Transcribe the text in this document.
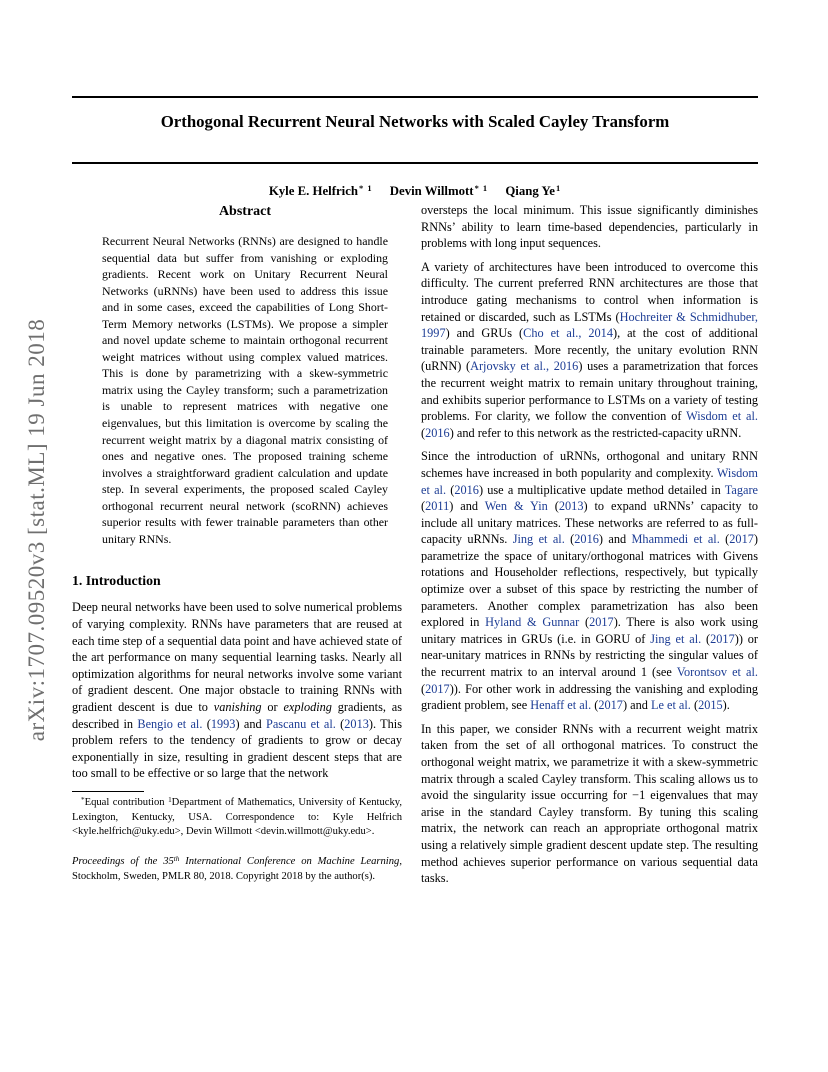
arXiv:1707.09520v3 [stat.ML] 19 Jun 2018
Orthogonal Recurrent Neural Networks with Scaled Cayley Transform
Kyle E. Helfrich$^{* 1}$ Devin Willmott$^{* 1}$ Qiang Ye$^1$
Abstract
Recurrent Neural Networks (RNNs) are designed to handle sequential data but suffer from vanishing or exploding gradients. Recent work on Unitary Recurrent Neural Networks (uRNNs) have been used to address this issue and in some cases, exceed the capabilities of Long Short-Term Memory networks (LSTMs). We propose a simpler and novel update scheme to maintain orthogonal recurrent weight matrices without using complex valued matrices. This is done by parametrizing with a skew-symmetric matrix using the Cayley transform; such a parametrization is unable to represent matrices with negative one eigenvalues, but this limitation is overcome by scaling the recurrent weight matrix by a diagonal matrix consisting of ones and negative ones. The proposed training scheme involves a straightforward gradient calculation and update step. In several experiments, the proposed scaled Cayley orthogonal recurrent neural network (scoRNN) achieves superior results with fewer trainable parameters than other unitary RNNs.
1. Introduction
Deep neural networks have been used to solve numerical problems of varying complexity. RNNs have parameters that are reused at each time step of a sequential data point and have achieved state of the art performance on many sequential learning tasks. Nearly all optimization algorithms for neural networks involve some variant of gradient descent. One major obstacle to training RNNs with gradient descent is due to vanishing or exploding gradients, as described in Bengio et al. (1993) and Pascanu et al. (2013). This problem refers to the tendency of gradients to grow or decay exponentially in size, resulting in gradient descent steps that are too small to be effective or so large that the network
*Equal contribution $^1$Department of Mathematics, University of Kentucky, Lexington, Kentucky, USA. Correspondence to: Kyle Helfrich <kyle.helfrich@uky.edu>, Devin Willmott <devin.willmott@uky.edu>.
Proceedings of the 35th International Conference on Machine Learning, Stockholm, Sweden, PMLR 80, 2018. Copyright 2018 by the author(s).
oversteps the local minimum. This issue significantly diminishes RNNs’ ability to learn time-based dependencies, particularly in problems with long input sequences.
A variety of architectures have been introduced to overcome this difficulty. The current preferred RNN architectures are those that introduce gating mechanisms to control when information is retained or discarded, such as LSTMs (Hochreiter & Schmidhuber, 1997) and GRUs (Cho et al., 2014), at the cost of additional trainable parameters. More recently, the unitary evolution RNN (uRNN) (Arjovsky et al., 2016) uses a parametrization that forces the recurrent weight matrix to remain unitary throughout training, and exhibits superior performance to LSTMs on a variety of testing problems. For clarity, we follow the convention of Wisdom et al. (2016) and refer to this network as the restricted-capacity uRNN.
Since the introduction of uRNNs, orthogonal and unitary RNN schemes have increased in both popularity and complexity. Wisdom et al. (2016) use a multiplicative update method detailed in Tagare (2011) and Wen & Yin (2013) to expand uRNNs’ capacity to include all unitary matrices. These networks are referred to as full-capacity uRNNs. Jing et al. (2016) and Mhammedi et al. (2017) parametrize the space of unitary/orthogonal matrices with Givens rotations and Householder reflections, respectively, but typically optimize over a subset of this space by restricting the number of parameters. Another complex parametrization has also been explored in Hyland & Gunnar (2017). There is also work using unitary matrices in GRUs (i.e. in GORU of Jing et al. (2017)) or near-unitary matrices in RNNs by restricting the singular values of the recurrent matrix to an interval around 1 (see Vorontsov et al. (2017)). For other work in addressing the vanishing and exploding gradient problem, see Henaff et al. (2017) and Le et al. (2015).
In this paper, we consider RNNs with a recurrent weight matrix taken from the set of all orthogonal matrices. To construct the orthogonal weight matrix, we parametrize it with a skew-symmetric matrix through a scaled Cayley transform. This scaling allows us to avoid the singularity issue occurring for −1 eigenvalues that may arise in the standard Cayley transform. By tuning this scaling matrix, the network can reach an appropriate orthogonal matrix using a relatively simple gradient descent update step. The resulting method achieves superior performance on various sequential data tasks.
